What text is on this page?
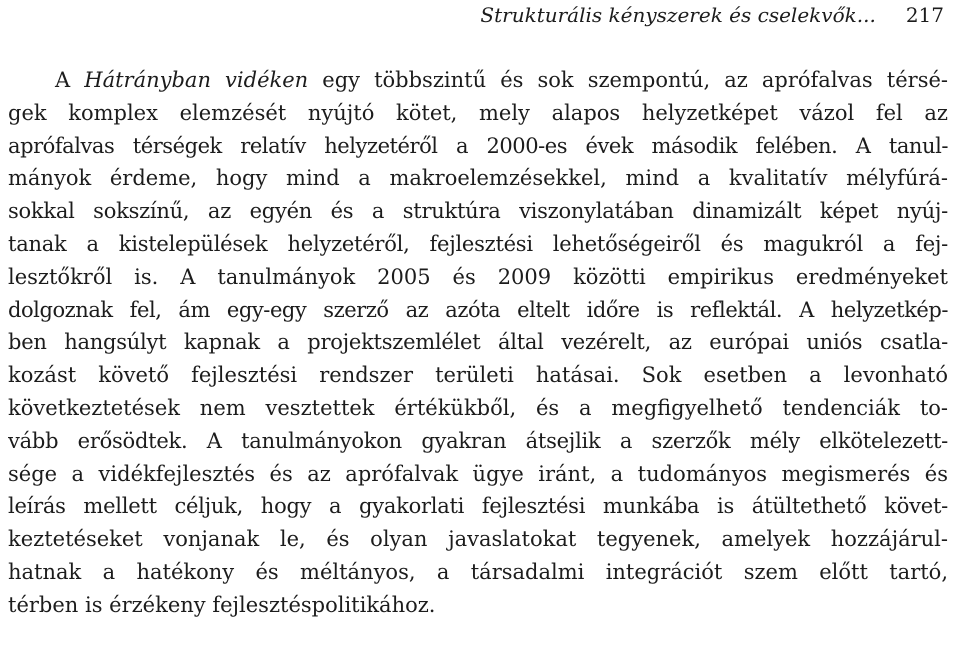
Strukturális kényszerek és cselekvők... 217
A Hátrányban vidéken egy többszintű és sok szempontú, az aprófalvas térsé-
gek komplex elemzését nyújtó kötet, mely alapos helyzetképet vázol fel az
aprófalvas térségek relatív helyzetéről a 2000-es évek második felében. A tanul-
mányok érdeme, hogy mind a makroelemzésekkel, mind a kvalitatív mélyfúrá-
sokkal sokszínű, az egyén és a struktúra viszonylatában dinamizált képet nyúj-
tanak a kistelepülések helyzetéről, fejlesztési lehetőségeiről és magukról a fej-
lesztőkről is. A tanulmányok 2005 és 2009 közötti empirikus eredményeket
dolgoznak fel, ám egy-egy szerző az azóta eltelt időre is reflektál. A helyzetkép-
ben hangsúlyt kapnak a projektszemlélet által vezérelt, az európai uniós csatla-
kozást követő fejlesztési rendszer területi hatásai. Sok esetben a levonható
következtetések nem vesztettek értékükből, és a megfigyelhető tendenciák to-
vább erősödtek. A tanulmányokon gyakran átsejlik a szerzők mély elkötelezett-
sége a vidékfejlesztés és az aprófalvak ügye iránt, a tudományos megismerés és
leírás mellett céljuk, hogy a gyakorlati fejlesztési munkába is átültethető követ-
keztetéseket vonjanak le, és olyan javaslatokat tegyenek, amelyek hozzájárul-
hatnak a hatékony és méltányos, a társadalmi integrációt szem előtt tartó,
térben is érzékeny fejlesztéspolitikához.
